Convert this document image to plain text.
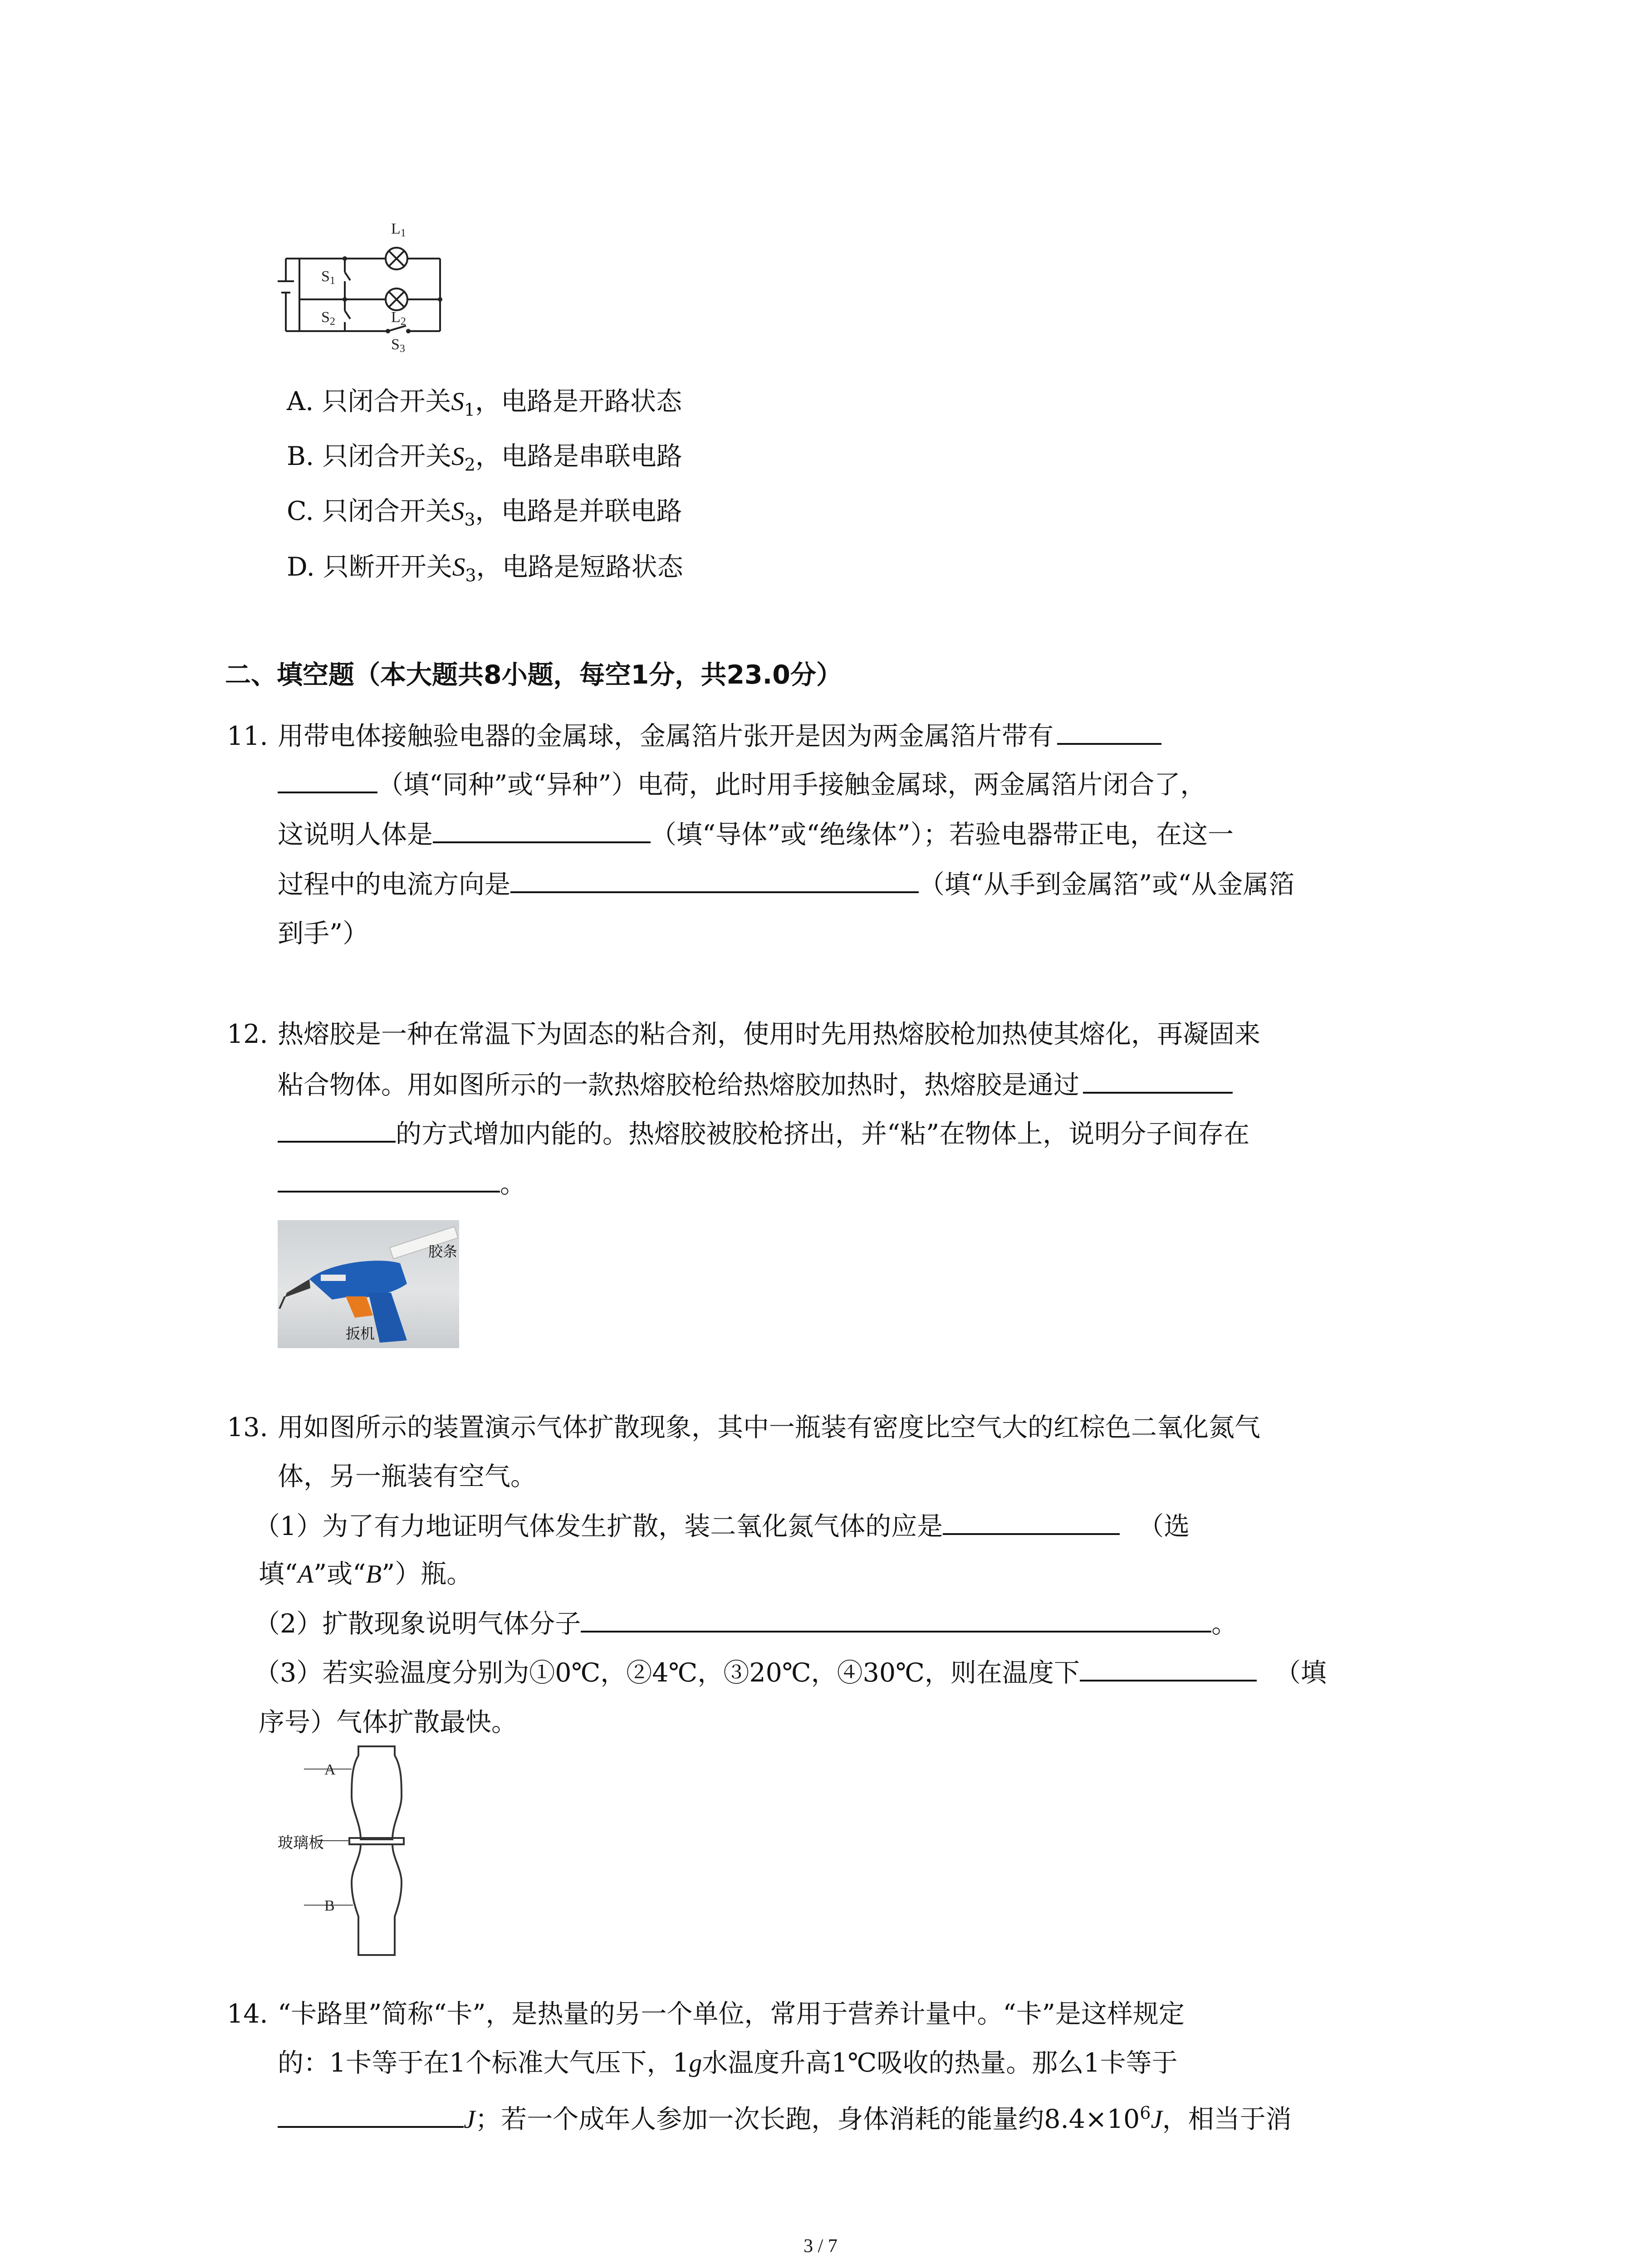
L1
S1
S2	L2
S3
A. 只闭合开关$S_1$，电路是开路状态
B. 只闭合开关$S_2$，电路是串联电路
C. 只闭合开关$S_3$，电路是并联电路
D. 只断开开关$S_3$，电路是短路状态
二、填空题（本大题共8小题，每空1分，共23.0分）
11. 用带电体接触验电器的金属球，金属箔片张开是因为两金属箔片带有
（填“同种”或“异种”）电荷，此时用手接触金属球，两金属箔片闭合了，
这说明人体是	（填“导体”或“绝缘体”）；若验电器带正电，在这一
过程中的电流方向是	（填“从手到金属箔”或“从金属箔
到手”）
12. 热熔胶是一种在常温下为固态的粘合剂，使用时先用热熔胶枪加热使其熔化，再凝固来
粘合物体。用如图所示的一款热熔胶枪给热熔胶加热时，热熔胶是通过
的方式增加内能的。热熔胶被胶枪挤出，并“粘”在物体上，说明分子间存在
。
胶条
扳机
13. 用如图所示的装置演示气体扩散现象，其中一瓶装有密度比空气大的红棕色二氧化氮气
体，另一瓶装有空气。
（1）为了有力地证明气体发生扩散，装二氧化氮气体的应是	（选
填“A”或“B”）瓶。
（2）扩散现象说明气体分子	。
（3）若实验温度分别为①0℃，②4℃，③20℃，④30℃，则在温度下	（填
序号）气体扩散最快。
A
B
玻璃板
14. “卡路里”简称“卡”，是热量的另一个单位，常用于营养计量中。“卡”是这样规定
的：1卡等于在1个标准大气压下，1g水温度升高1℃吸收的热量。那么1卡等于
J；若一个成年人参加一次长跑，身体消耗的能量约$8.4\times 10^6J$，相当于消
3 / 7
